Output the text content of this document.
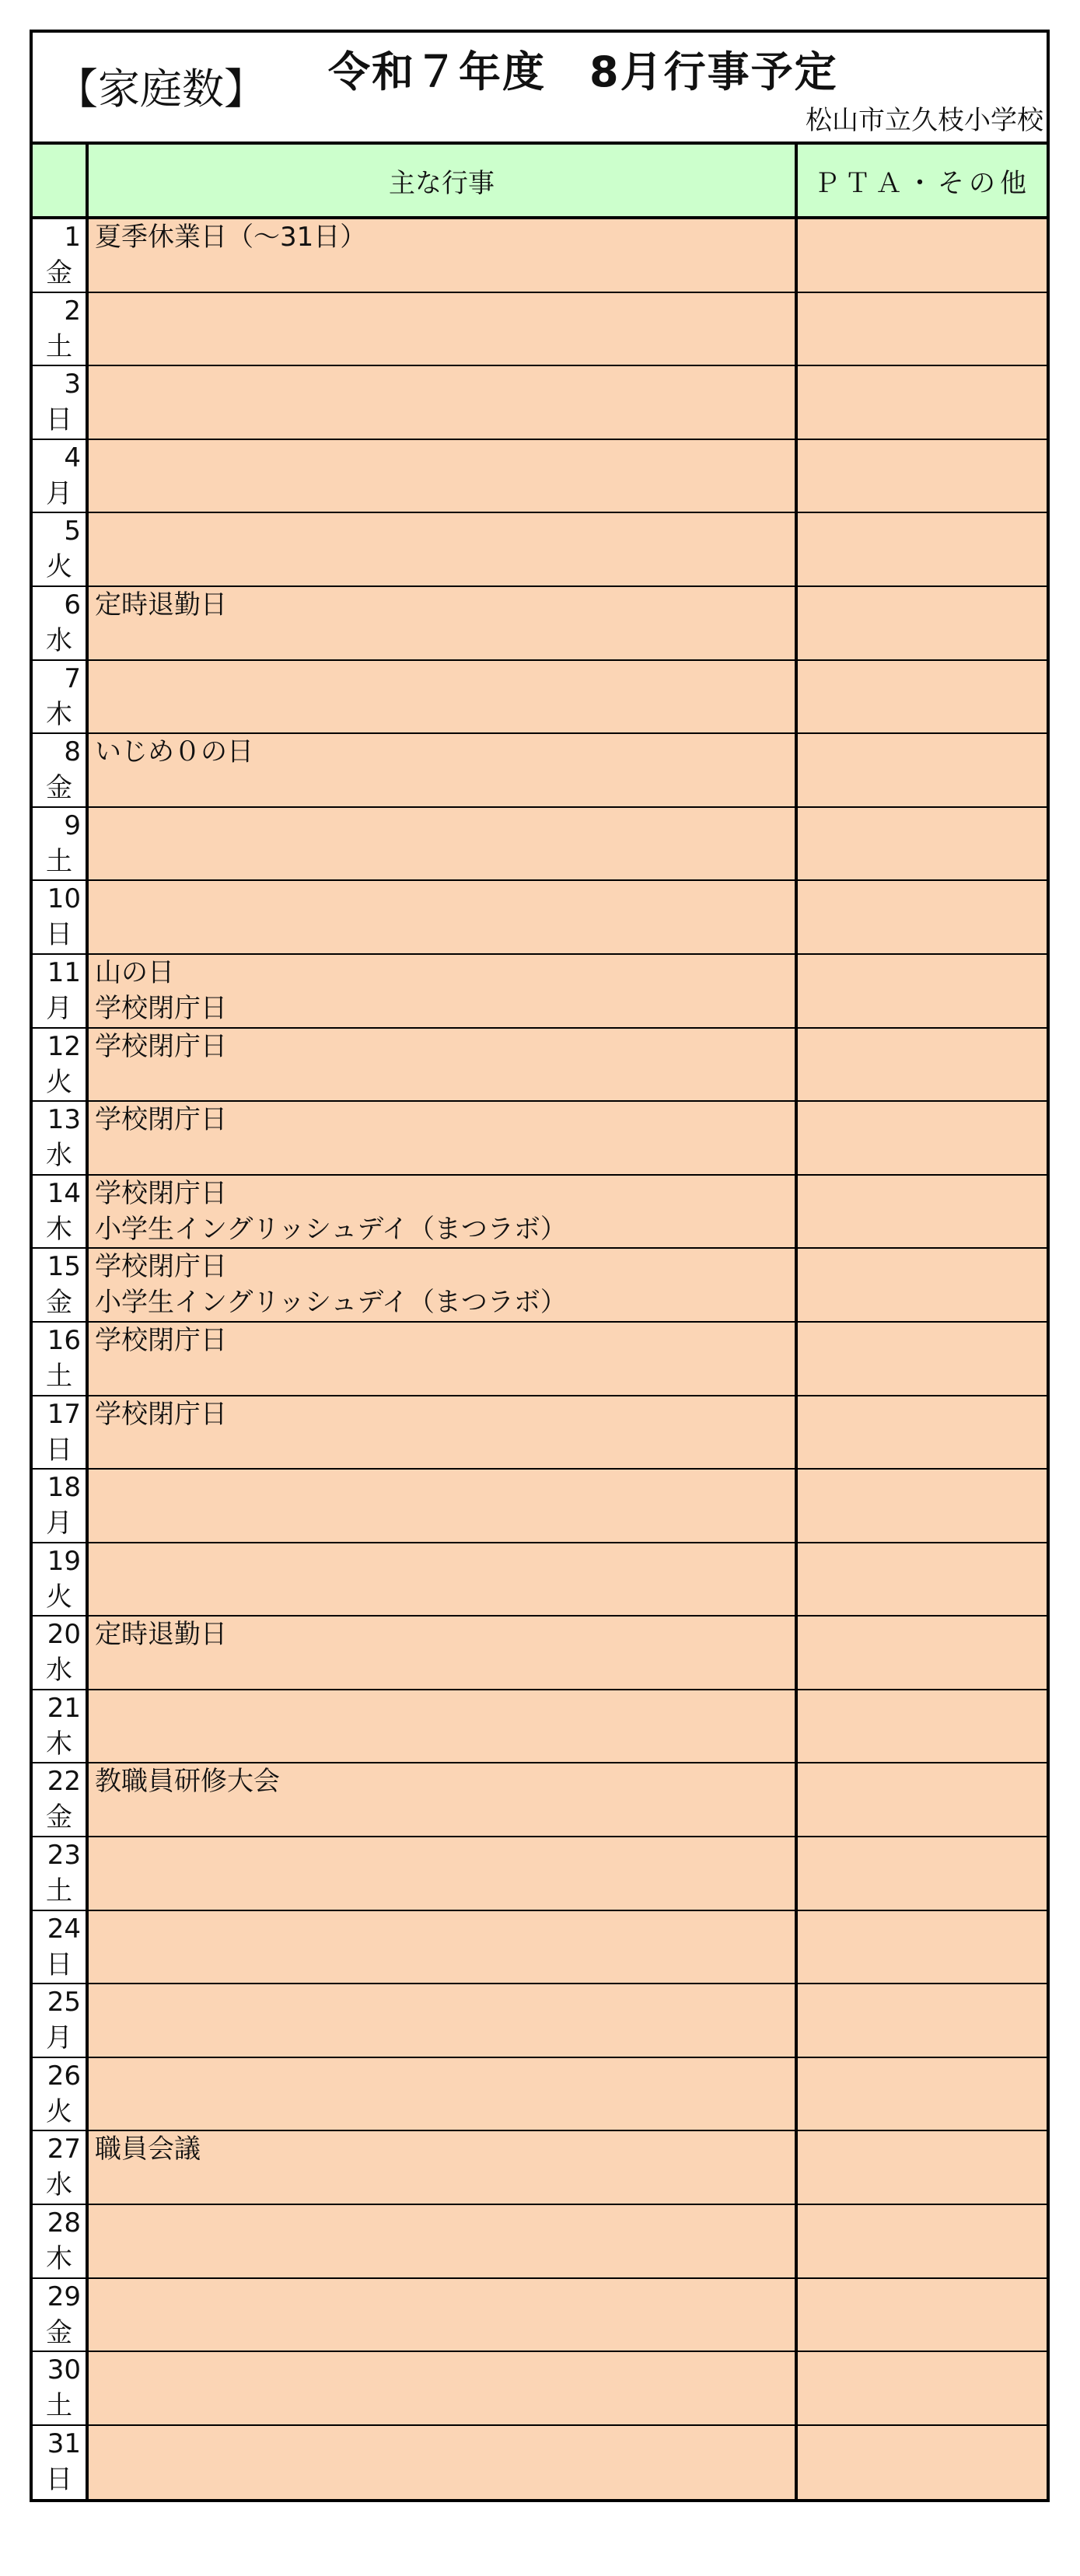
【家庭数】 令和７年度　8月行事予定
松山市立久枝小学校
主な行事	ＰＴＡ・その他
1
金
夏季休業日（～31日）
2
土
3
日
4
月
5
火
6
水
定時退勤日
7
木
8
金
いじめ０の日
9
土
10
日
11
月
山の日
学校閉庁日
12
火
学校閉庁日
13
水
学校閉庁日
14
木
学校閉庁日
小学生イングリッシュデイ（まつラボ）
15
金
学校閉庁日
小学生イングリッシュデイ（まつラボ）
16
土
学校閉庁日
17
日
学校閉庁日
18
月
19
火
20
水
定時退勤日
21
木
22
金
教職員研修大会
23
土
24
日
25
月
26
火
27
水
職員会議
28
木
29
金
30
土
31
日
